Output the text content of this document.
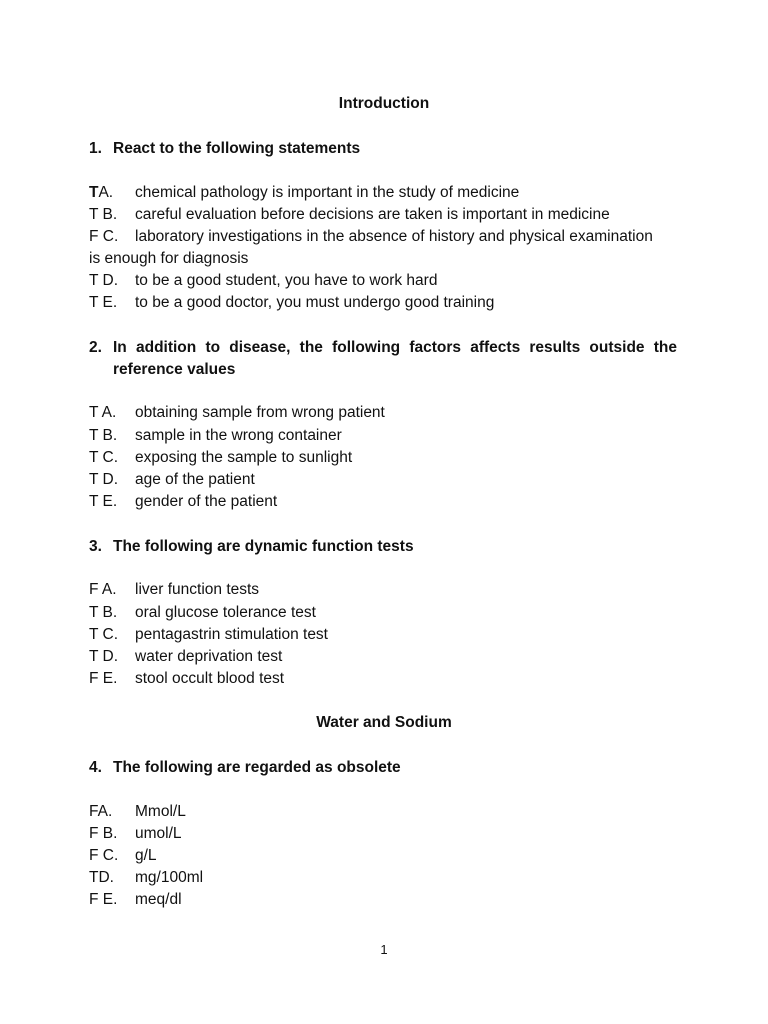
Introduction
1. React to the following statements
TA. chemical pathology is important in the study of medicine
T B. careful evaluation before decisions are taken is important in medicine
F C. laboratory investigations in the absence of history and physical examination
is enough for diagnosis
T D. to be a good student, you have to work hard
T E. to be a good doctor, you must undergo good training
2. In addition to disease, the following factors affects results outside the
reference values
T A. obtaining sample from wrong patient
T B. sample in the wrong container
T C. exposing the sample to sunlight
T D. age of the patient
T E. gender of the patient
3. The following are dynamic function tests
F A. liver function tests
T B. oral glucose tolerance test
T C. pentagastrin stimulation test
T D. water deprivation test
F E. stool occult blood test
Water and Sodium
4. The following are regarded as obsolete
FA. Mmol/L
F B. umol/L
F C. g/L
TD. mg/100ml
F E. meq/dl
1
